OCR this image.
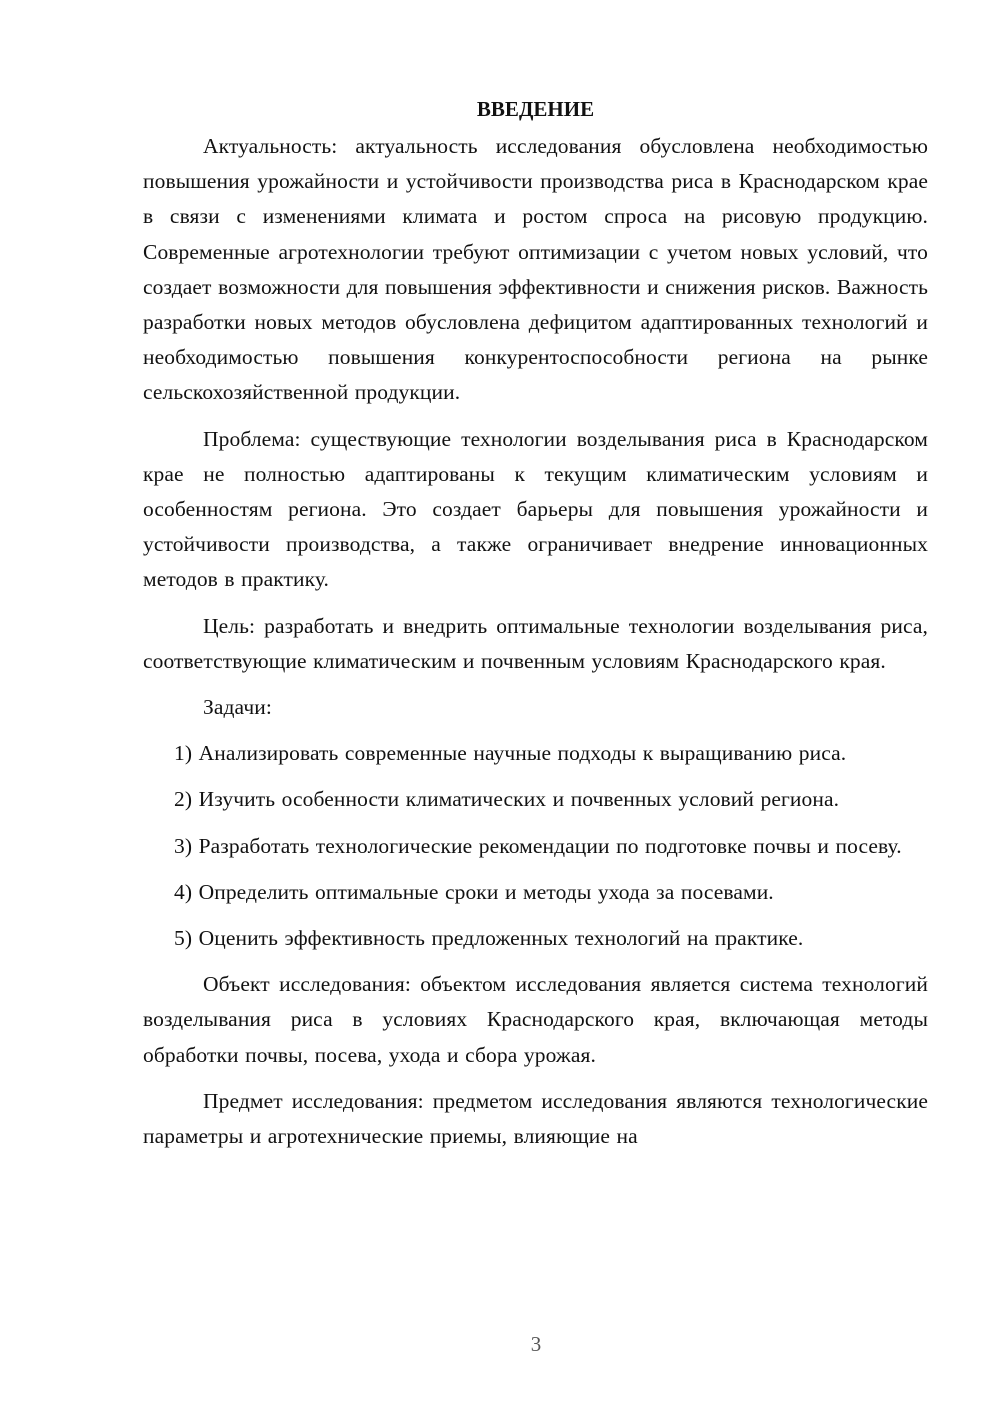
ВВЕДЕНИЕ

Актуальность: актуальность исследования обусловлена необходимостью повышения урожайности и устойчивости производства риса в Краснодарском крае в связи с изменениями климата и ростом спроса на рисовую продукцию. Современные агротехнологии требуют оптимизации с учетом новых условий, что создает возможности для повышения эффективности и снижения рисков. Важность разработки новых методов обусловлена дефицитом адаптированных технологий и необходимостью повышения конкурентоспособности региона на рынке сельскохозяйственной продукции.

Проблема: существующие технологии возделывания риса в Краснодарском крае не полностью адаптированы к текущим климатическим условиям и особенностям региона. Это создает барьеры для повышения урожайности и устойчивости производства, а также ограничивает внедрение инновационных методов в практику.

Цель: разработать и внедрить оптимальные технологии возделывания риса, соответствующие климатическим и почвенным условиям Краснодарского края.

Задачи:

1) Анализировать современные научные подходы к выращиванию риса.

2) Изучить особенности климатических и почвенных условий региона.

3) Разработать технологические рекомендации по подготовке почвы и посеву.

4) Определить оптимальные сроки и методы ухода за посевами.

5) Оценить эффективность предложенных технологий на практике.

Объект исследования: объектом исследования является система технологий возделывания риса в условиях Краснодарского края, включающая методы обработки почвы, посева, ухода и сбора урожая.

Предмет исследования: предметом исследования являются технологические параметры и агротехнические приемы, влияющие на

3
